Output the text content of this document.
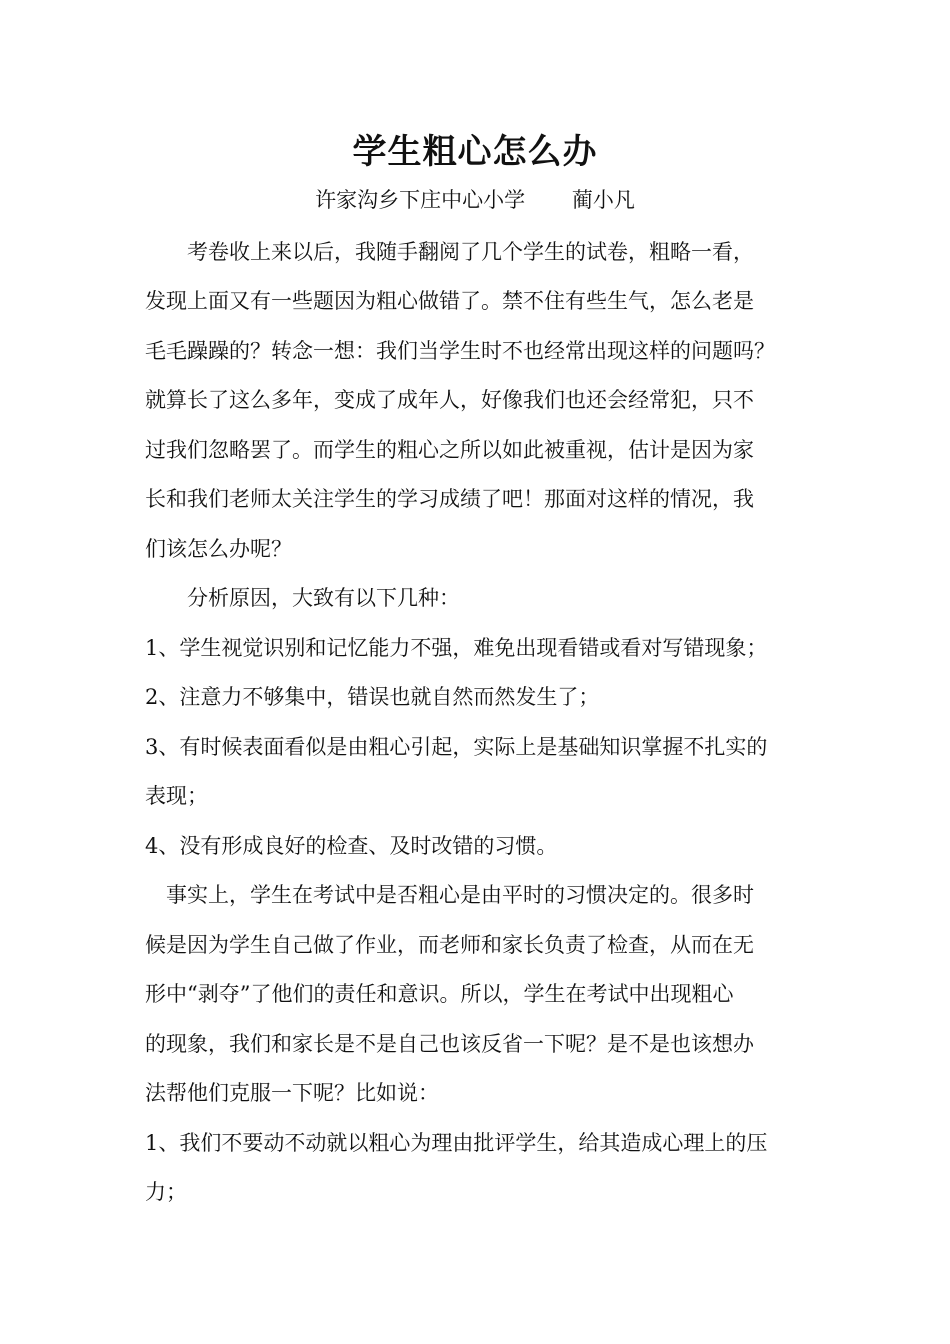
学生粗心怎么办
许家沟乡下庄中心小学       蔺小凡
　　考卷收上来以后，我随手翻阅了几个学生的试卷，粗略一看，
发现上面又有一些题因为粗心做错了。禁不住有些生气，怎么老是
毛毛躁躁的？转念一想：我们当学生时不也经常出现这样的问题吗？
就算长了这么多年，变成了成年人，好像我们也还会经常犯，只不
过我们忽略罢了。而学生的粗心之所以如此被重视，估计是因为家
长和我们老师太关注学生的学习成绩了吧！那面对这样的情况，我
们该怎么办呢？
　　分析原因，大致有以下几种：
1、学生视觉识别和记忆能力不强，难免出现看错或看对写错现象；
2、注意力不够集中，错误也就自然而然发生了；
3、有时候表面看似是由粗心引起，实际上是基础知识掌握不扎实的
表现；
4、没有形成良好的检查、及时改错的习惯。
　事实上，学生在考试中是否粗心是由平时的习惯决定的。很多时
候是因为学生自己做了作业，而老师和家长负责了检查，从而在无
形中“剥夺”了他们的责任和意识。所以，学生在考试中出现粗心
的现象，我们和家长是不是自己也该反省一下呢？是不是也该想办
法帮他们克服一下呢？比如说：
1、我们不要动不动就以粗心为理由批评学生，给其造成心理上的压
力；
